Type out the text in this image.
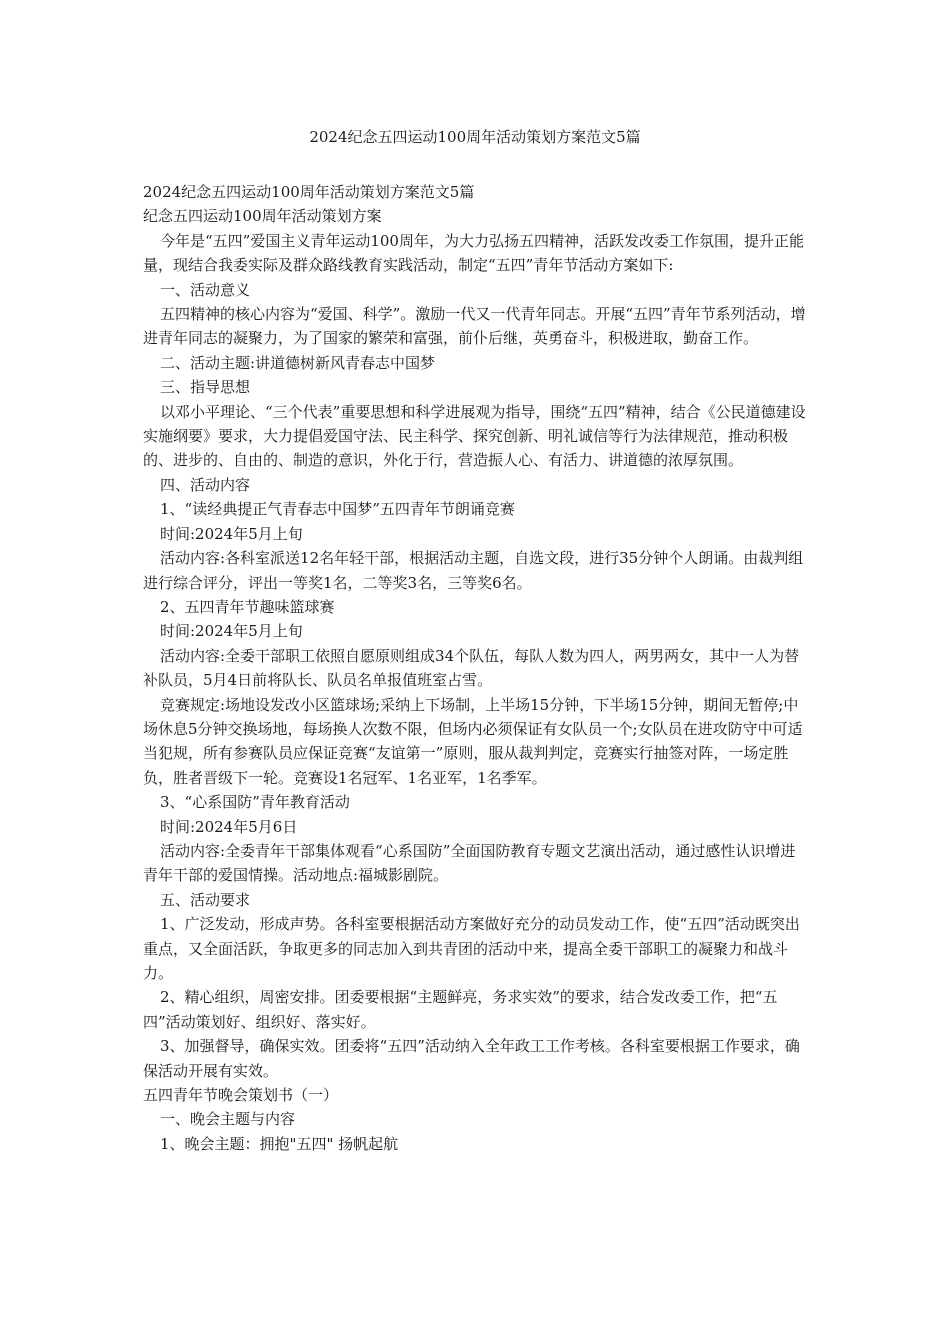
2024纪念五四运动100周年活动策划方案范文5篇

2024纪念五四运动100周年活动策划方案范文5篇

纪念五四运动100周年活动策划方案

今年是“五四”爱国主义青年运动100周年，为大力弘扬五四精神，活跃发改委工作氛围，提升正能量，现结合我委实际及群众路线教育实践活动，制定“五四”青年节活动方案如下:

一、活动意义

五四精神的核心内容为“爱国、科学”。激励一代又一代青年同志。开展“五四”青年节系列活动，增进青年同志的凝聚力，为了国家的繁荣和富强，前仆后继，英勇奋斗，积极进取，勤奋工作。

二、活动主题:讲道德树新风青春志中国梦

三、指导思想

以邓小平理论、“三个代表”重要思想和科学进展观为指导，围绕“五四”精神，结合《公民道德建设实施纲要》要求，大力提倡爱国守法、民主科学、探究创新、明礼诚信等行为法律规范，推动积极的、进步的、自由的、制造的意识，外化于行，营造振人心、有活力、讲道德的浓厚氛围。

四、活动内容

1、“读经典提正气青春志中国梦”五四青年节朗诵竞赛

时间:2024年5月上旬

活动内容:各科室派送12名年轻干部，根据活动主题，自选文段，进行35分钟个人朗诵。由裁判组进行综合评分，评出一等奖1名，二等奖3名，三等奖6名。

2、五四青年节趣味篮球赛

时间:2024年5月上旬

活动内容:全委干部职工依照自愿原则组成34个队伍，每队人数为四人，两男两女，其中一人为替补队员，5月4日前将队长、队员名单报值班室占雪。

竞赛规定:场地设发改小区篮球场;采纳上下场制，上半场15分钟，下半场15分钟，期间无暂停;中场休息5分钟交换场地，每场换人次数不限，但场内必须保证有女队员一个;女队员在进攻防守中可适当犯规，所有参赛队员应保证竞赛“友谊第一”原则，服从裁判判定，竞赛实行抽签对阵，一场定胜负，胜者晋级下一轮。竞赛设1名冠军、1名亚军，1名季军。

3、“心系国防”青年教育活动

时间:2024年5月6日

活动内容:全委青年干部集体观看“心系国防”全面国防教育专题文艺演出活动，通过感性认识增进青年干部的爱国情操。活动地点:福城影剧院。

五、活动要求

1、广泛发动，形成声势。各科室要根据活动方案做好充分的动员发动工作，使“五四”活动既突出重点，又全面活跃，争取更多的同志加入到共青团的活动中来，提高全委干部职工的凝聚力和战斗力。

2、精心组织，周密安排。团委要根据“主题鲜亮，务求实效”的要求，结合发改委工作，把“五四”活动策划好、组织好、落实好。

3、加强督导，确保实效。团委将“五四”活动纳入全年政工工作考核。各科室要根据工作要求，确保活动开展有实效。

五四青年节晚会策划书（一）

一、晚会主题与内容

1、晚会主题：拥抱"五四" 扬帆起航
